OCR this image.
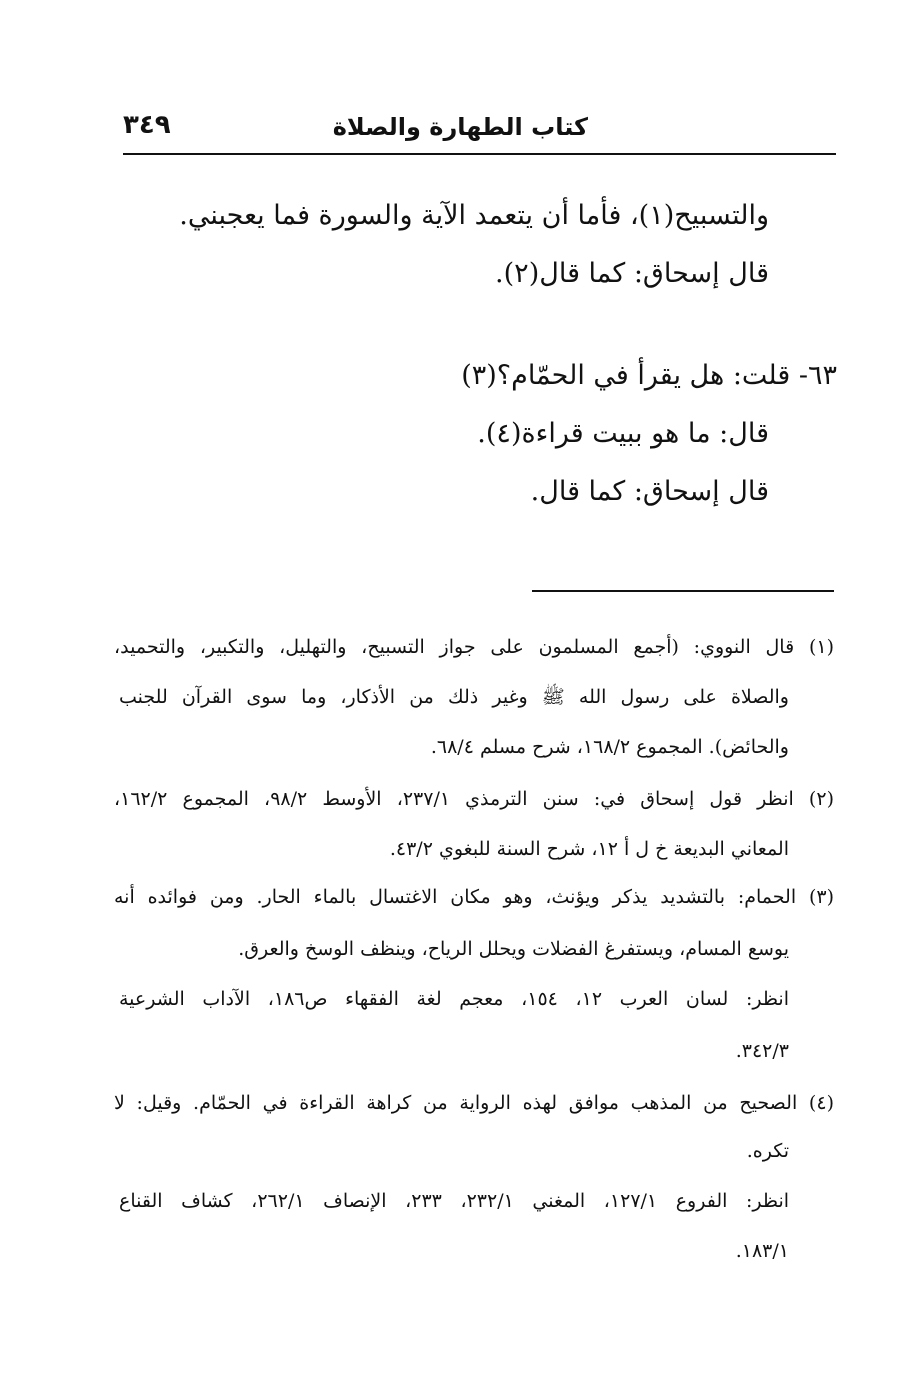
كتاب الطهارة والصلاة
٣٤٩
والتسبيح(١)، فأما أن يتعمد الآية والسورة فما يعجبني.
قال إسحاق: كما قال(٢).
٦٣- قلت: هل يقرأ في الحمّام؟(٣)
قال: ما هو ببيت قراءة(٤).
قال إسحاق: كما قال.
(١) قال النووي: (أجمع المسلمون على جواز التسبيح، والتهليل، والتكبير، والتحميد،
والصلاة على رسول الله ﷺ وغير ذلك من الأذكار، وما سوى القرآن للجنب
والحائض). المجموع ١٦٨/٢، شرح مسلم ٦٨/٤.
(٢) انظر قول إسحاق في: سنن الترمذي ٢٣٧/١، الأوسط ٩٨/٢، المجموع ١٦٢/٢،
المعاني البديعة خ ل أ ١٢، شرح السنة للبغوي ٤٣/٢.
(٣) الحمام: بالتشديد يذكر ويؤنث، وهو مكان الاغتسال بالماء الحار. ومن فوائده أنه
يوسع المسام، ويستفرغ الفضلات ويحلل الرياح، وينظف الوسخ والعرق.
انظر: لسان العرب ١٢، ١٥٤، معجم لغة الفقهاء ص١٨٦، الآداب الشرعية
٣٤٢/٣.
(٤) الصحيح من المذهب موافق لهذه الرواية من كراهة القراءة في الحمّام. وقيل: لا
تكره.
انظر: الفروع ١٢٧/١، المغني ٢٣٢/١، ٢٣٣، الإنصاف ٢٦٢/١، كشاف القناع
١٨٣/١.
